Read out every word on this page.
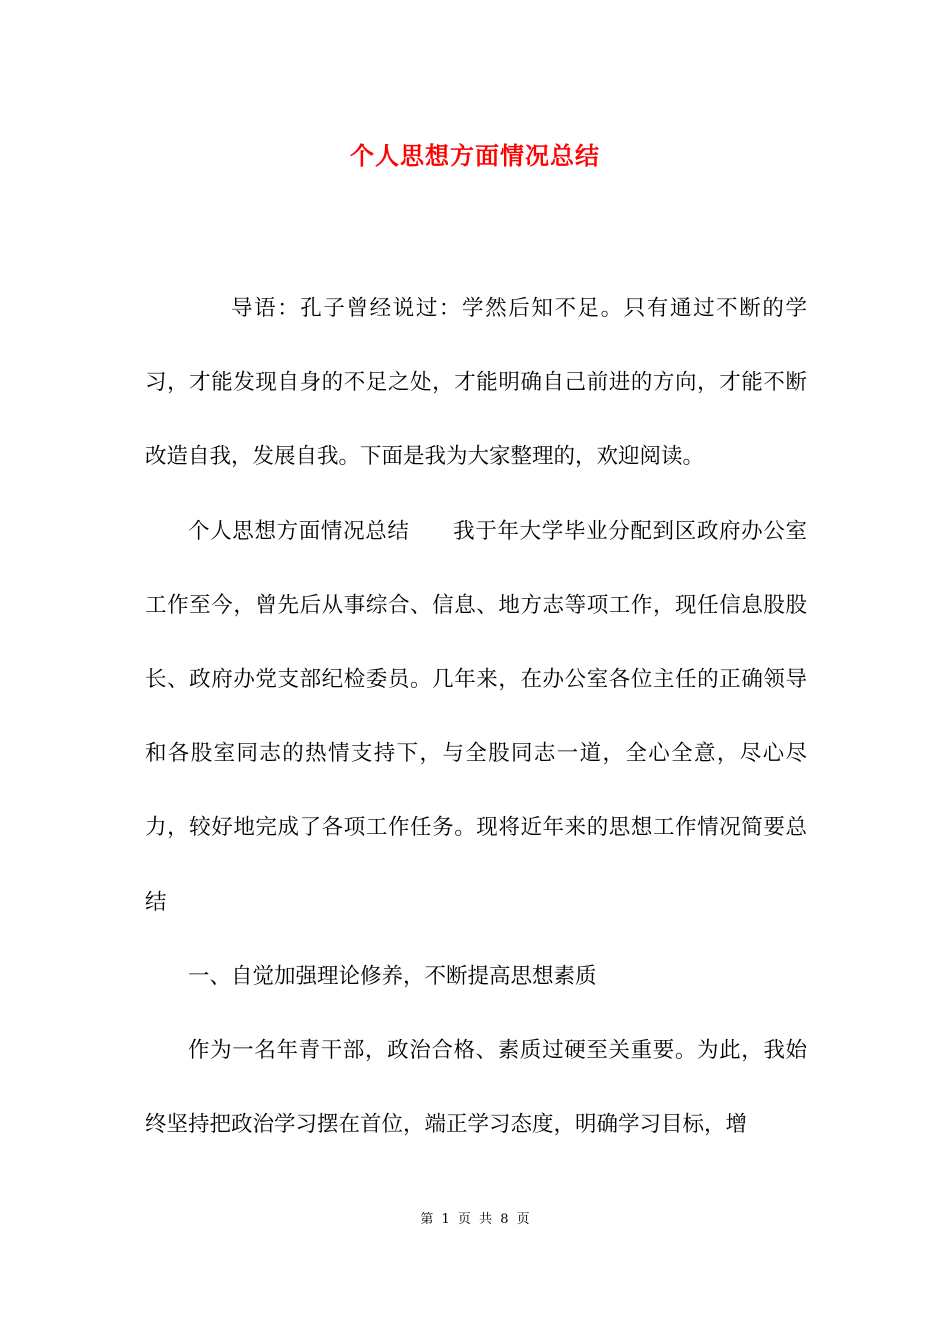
个人思想方面情况总结

导语：孔子曾经说过：学然后知不足。只有通过不断的学习，才能发现自身的不足之处，才能明确自己前进的方向，才能不断改造自我，发展自我。下面是我为大家整理的，欢迎阅读。

个人思想方面情况总结 我于年大学毕业分配到区政府办公室工作至今，曾先后从事综合、信息、地方志等项工作，现任信息股股长、政府办党支部纪检委员。几年来，在办公室各位主任的正确领导和各股室同志的热情支持下，与全股同志一道，全心全意，尽心尽力，较好地完成了各项工作任务。现将近年来的思想工作情况简要总结

一、自觉加强理论修养，不断提高思想素质

作为一名年青干部，政治合格、素质过硬至关重要。为此，我始终坚持把政治学习摆在首位，端正学习态度，明确学习目标，增

第 1 页 共 8 页
